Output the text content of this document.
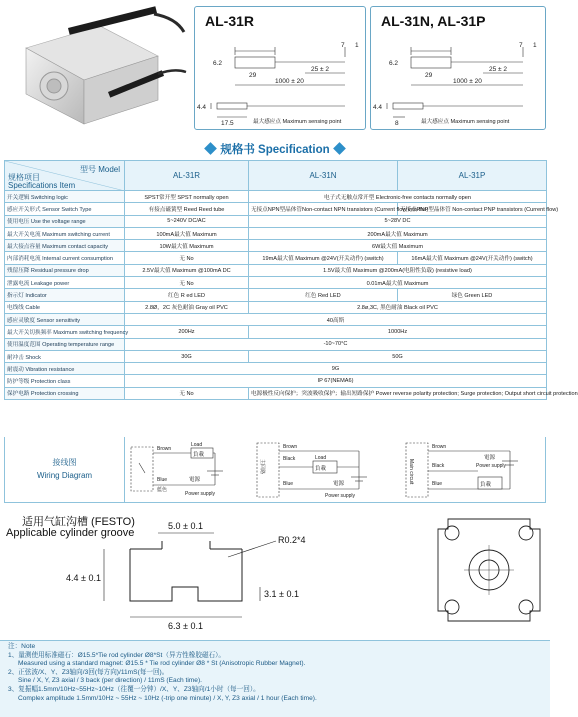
AL-31R
6.2
7 1
29
25 ± 2
1000 ± 20
4.4
17.5	最大感应点 Maximum sensing point
AL-31N, AL-31P
6.2
7 1
29
25 ± 2
1000 ± 20
4.4
8	最大感应点 Maximum sensing point
规格书 Specification
型号 Model
规格项目
Specifications Item	AL-31R	AL-31N	AL-31P
开关逻辑 Switching logic	SPST常开型 SPST normally open	电子式无触点常开型 Electronic-free contacts normally open	
感应开关形式 Sensor Switch Type	有接点磁簧型 Reed Reed tube	无接点NPN型晶体管Non-contact NPN transistors (Current flow into the)	无接点PNP型晶体管 Non-contact PNP transistors (Current flow)
使用电压 Use the voltage range	5~240V DC/AC	5~28V DC	
最大开关电流 Maximum switching current	100mA最大值 Maximum	200mA最大值 Maximum	
最大接点容量 Maximum contact capacity	10W最大值 Maximum	6W最大值 Maximum	
内部消耗电流 Internal current consumption	无 No	19mA最大值 Maximum @24V(开关动作) (switch)	16mA最大值 Maximum @24V(开关动作) (switch)
残留压降 Residual pressure drop	2.5V最大值 Maximum @100mA DC	1.5V最大值 Maximum @200mA(电阻性负载) (resistive load)	
泄露电流 Leakage power	无 No	0.01mA最大值 Maximum	
指示灯 Indicator	红色 R ed LED	红色 Red LED	绿色 Green LED
电线线 Cable	2.8Ø，2C 灰色耐油 Gray oil PVC	2.8ø,3C, 黑色耐油 Black oil PVC	
感应灵敏度 Sensor sensitivity	40高斯		
最大开关切换频率 Maximum switching frequency	200Hz	1000Hz	
使用温度范围 Operating temperature range	-10~70°C		
耐冲击 Shock	30G	50G	
耐震动 Vibration resistance	9G		
防护等级 Protection class	IP 67(NEMA6)		
保护电路 Protection crossing	无 No	电源极性反向保护；突波吸收保护；输出短路保护 Power reverse polarity protection; Surge protection; Output short circuit protection	
接线图
Wiring Diagram
Brown
負載
Load
Blue
藍色
電源
Power supply
Brown
Black
負載
Load
Blue	電源
Power supply
主回路
Brown
Black
負載
Blue
電源
Power supply
Main circuit
适用气缸沟槽 (FESTO)
Applicable cylinder groove
5.0 ± 0.1
R0.2*4
4.4 ± 0.1
3.1 ± 0.1
6.3 ± 0.1
注：Note
1、量测使用标准磁石：Ø15.5*Tie rod cylinder Ø8*St（异方性橡胶磁石）。
Measured using a standard magnet: Ø15.5 * Tie rod cylinder Ø8 * St (Anisotropic Rubber Magnet).
2、正弦波/X、Y、Z3轴向/3回(每方向)/11mS(每一回)。
Sine / X, Y, Z3 axial / 3 back (per direction) / 11mS (Each time).
3、复振幅1.5mm/10Hz~55Hz~10Hz（往覆一分钟）/X、Y、Z3轴向/1小时（每一回）。
Complex amplitude 1.5mm/10Hz ~ 55Hz ~ 10Hz (-trip one minute) / X, Y, Z3 axial / 1 hour (Each time).
